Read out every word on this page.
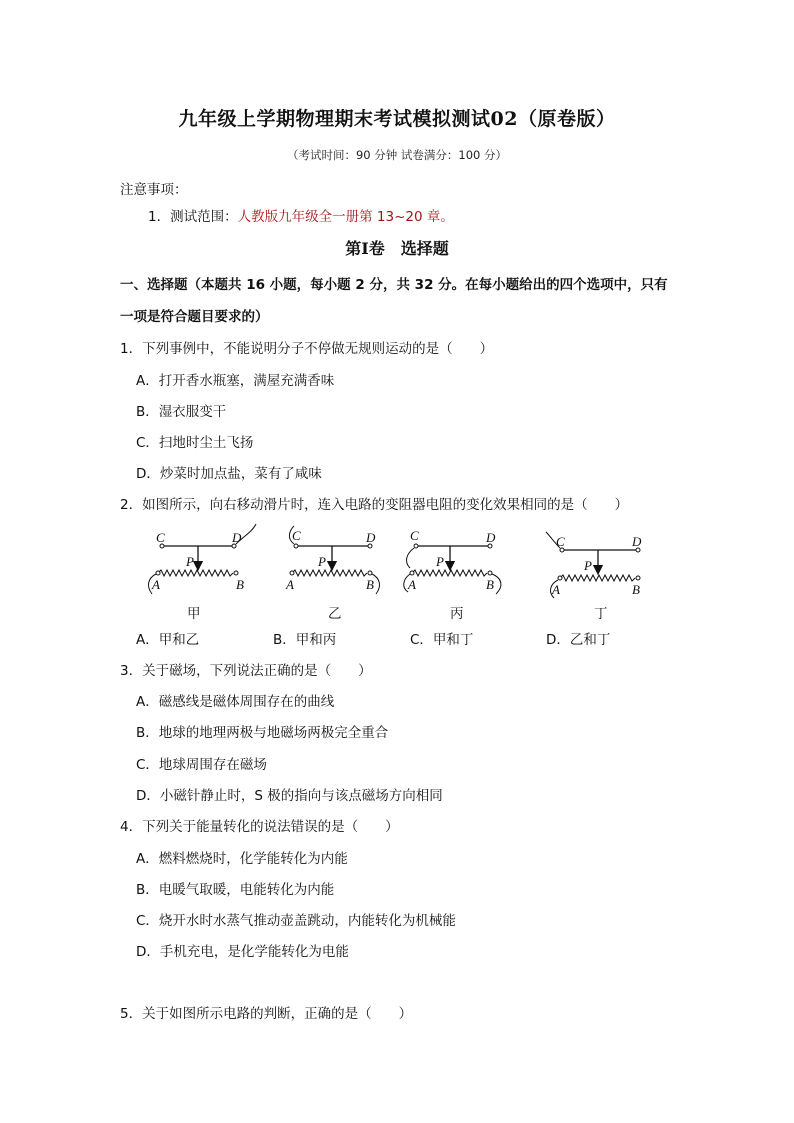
九年级上学期物理期末考试模拟测试02（原卷版）
（考试时间：90 分钟 试卷满分：100 分）
注意事项：
1．测试范围：人教版九年级全一册第 13~20 章。
第Ⅰ卷　选择题
一、选择题（本题共 16 小题，每小题 2 分，共 32 分。在每小题给出的四个选项中，只有
一项是符合题目要求的）
1．下列事例中，不能说明分子不停做无规则运动的是（　　）
A．打开香水瓶塞，满屋充满香味
B．湿衣服变干
C．扫地时尘土飞扬
D．炒菜时加点盐，菜有了咸味
2．如图所示，向右移动滑片时，连入电路的变阻器电阻的变化效果相同的是（　　）
C	D
P
A	B
C	D
P
A	B
C	D
P
A	B
C	D
P
A	B
甲	乙	丙	丁
A．甲和乙	B．甲和丙	C．甲和丁	D．乙和丁
3．关于磁场，下列说法正确的是（　　）
A．磁感线是磁体周围存在的曲线
B．地球的地理两极与地磁场两极完全重合
C．地球周围存在磁场
D．小磁针静止时，S 极的指向与该点磁场方向相同
4．下列关于能量转化的说法错误的是（　　）
A．燃料燃烧时，化学能转化为内能
B．电暖气取暖，电能转化为内能
C．烧开水时水蒸气推动壶盖跳动，内能转化为机械能
D．手机充电，是化学能转化为电能
5．关于如图所示电路的判断，正确的是（　　）
